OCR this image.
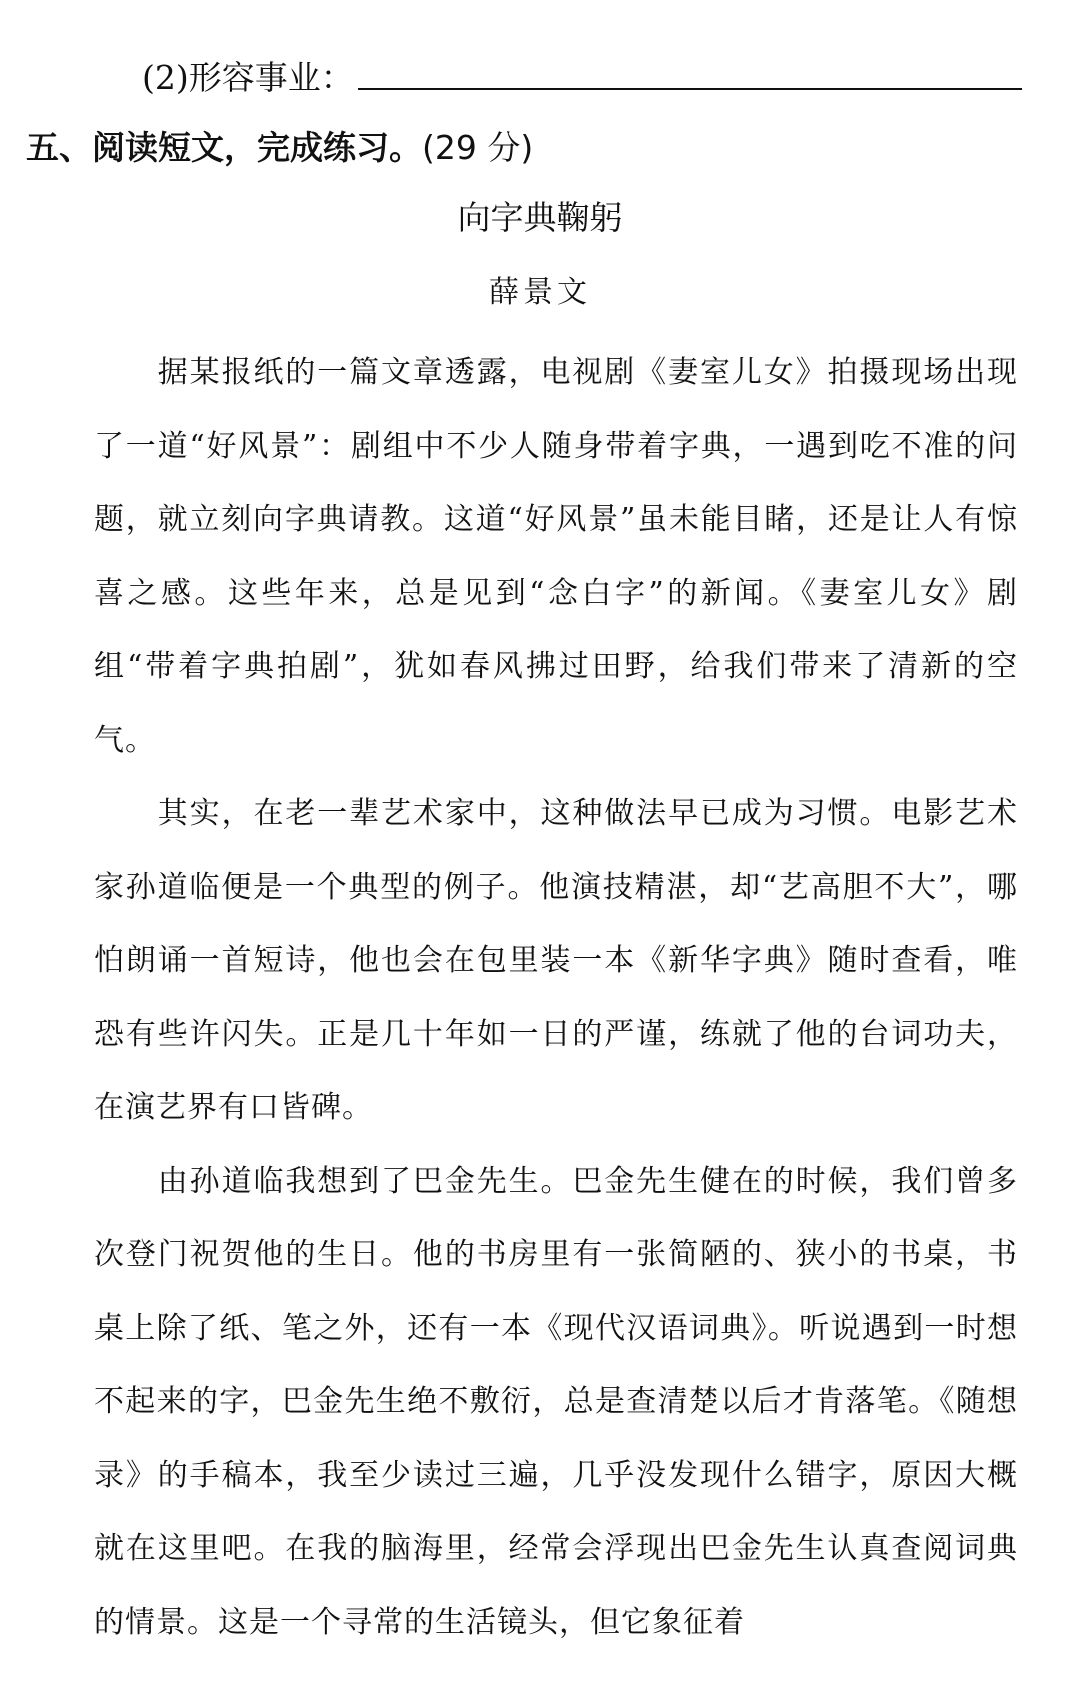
(2)形容事业：
五、阅读短文，完成练习。(29 分)
向字典鞠躬
薛景文

　　据某报纸的一篇文章透露，电视剧《妻室儿女》拍摄现场出现了一道“好风景”：剧组中不少人随身带着字典，一遇到吃不准的问题，就立刻向字典请教。这道“好风景”虽未能目睹，还是让人有惊喜之感。这些年来，总是见到“念白字”的新闻。《妻室儿女》剧组“带着字典拍剧”，犹如春风拂过田野，给我们带来了清新的空气。

　　其实，在老一辈艺术家中，这种做法早已成为习惯。电影艺术家孙道临便是一个典型的例子。他演技精湛，却“艺高胆不大”，哪怕朗诵一首短诗，他也会在包里装一本《新华字典》随时查看，唯恐有些许闪失。正是几十年如一日的严谨，练就了他的台词功夫，在演艺界有口皆碑。

　　由孙道临我想到了巴金先生。巴金先生健在的时候，我们曾多次登门祝贺他的生日。他的书房里有一张简陋的、狭小的书桌，书桌上除了纸、笔之外，还有一本《现代汉语词典》。听说遇到一时想不起来的字，巴金先生绝不敷衍，总是查清楚以后才肯落笔。《随想录》的手稿本，我至少读过三遍，几乎没发现什么错字，原因大概就在这里吧。在我的脑海里，经常会浮现出巴金先生认真查阅词典的情景。这是一个寻常的生活镜头，但它象征着
